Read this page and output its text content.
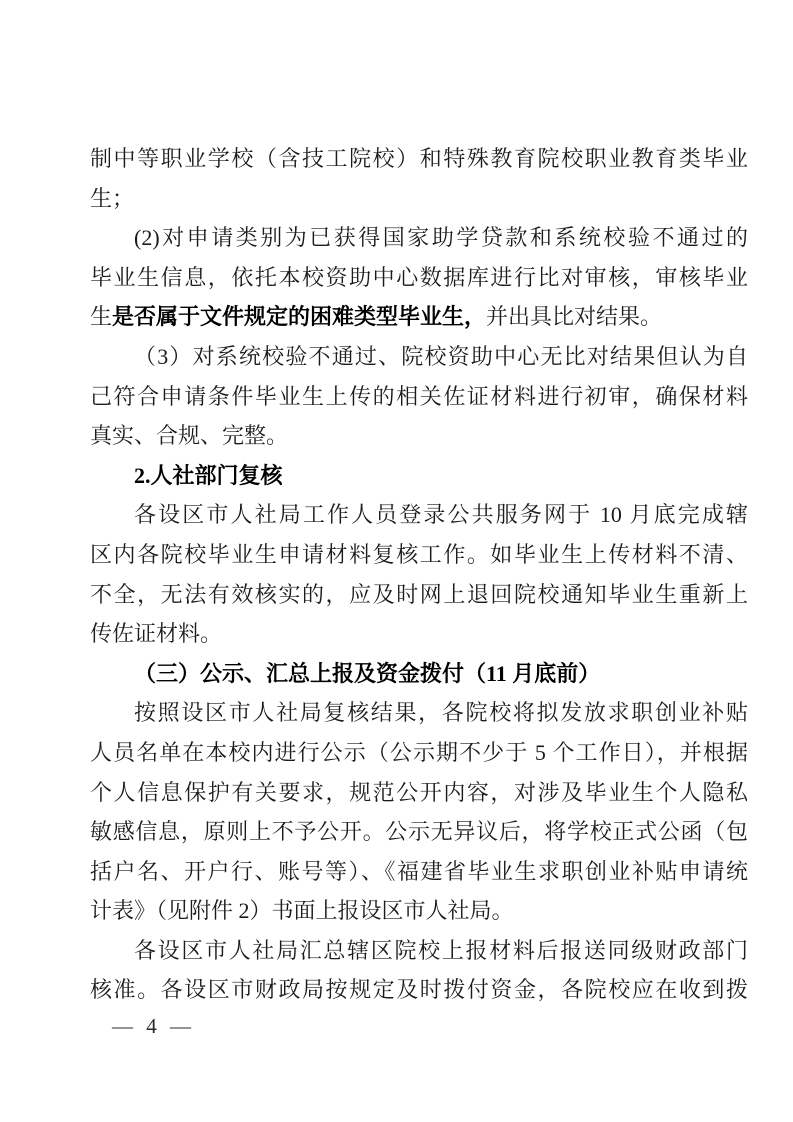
制中等职业学校（含技工院校）和特殊教育院校职业教育类毕业
生；
(2)对申请类别为已获得国家助学贷款和系统校验不通过的
毕业生信息，依托本校资助中心数据库进行比对审核，审核毕业
生是否属于文件规定的困难类型毕业生，并出具比对结果。
（3）对系统校验不通过、院校资助中心无比对结果但认为自
己符合申请条件毕业生上传的相关佐证材料进行初审，确保材料
真实、合规、完整。
2.人社部门复核
各设区市人社局工作人员登录公共服务网于 10 月底完成辖
区内各院校毕业生申请材料复核工作。如毕业生上传材料不清、
不全，无法有效核实的，应及时网上退回院校通知毕业生重新上
传佐证材料。
（三）公示、汇总上报及资金拨付（11 月底前）
按照设区市人社局复核结果，各院校将拟发放求职创业补贴
人员名单在本校内进行公示（公示期不少于 5 个工作日），并根据
个人信息保护有关要求，规范公开内容，对涉及毕业生个人隐私
敏感信息，原则上不予公开。公示无异议后，将学校正式公函（包
括户名、开户行、账号等）、《福建省毕业生求职创业补贴申请统
计表》（见附件 2）书面上报设区市人社局。
各设区市人社局汇总辖区院校上报材料后报送同级财政部门
核准。各设区市财政局按规定及时拨付资金，各院校应在收到拨
— 4 —
